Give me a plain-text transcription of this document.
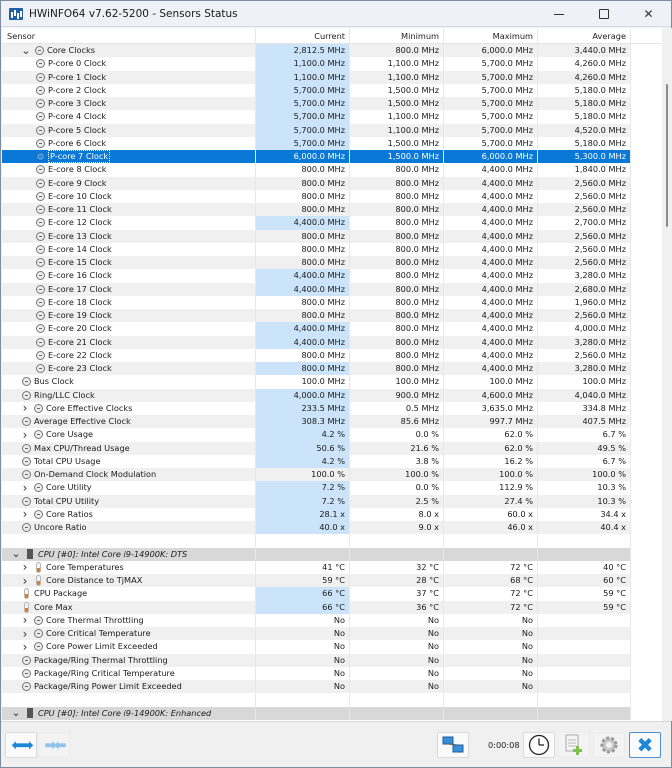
HWiNFO64 v7.62-5200 - Sensors Status	✕
Sensor	Current	Minimum	Maximum	Average
⌄ Core Clocks	2,812.5 MHz	800.0 MHz	6,000.0 MHz	3,440.0 MHz
P-core 0 Clock	1,100.0 MHz	1,100.0 MHz	5,700.0 MHz	4,260.0 MHz
P-core 1 Clock	1,100.0 MHz	1,100.0 MHz	5,700.0 MHz	4,260.0 MHz
P-core 2 Clock	5,700.0 MHz	1,500.0 MHz	5,700.0 MHz	5,180.0 MHz
P-core 3 Clock	5,700.0 MHz	1,500.0 MHz	5,700.0 MHz	5,180.0 MHz
P-core 4 Clock	5,700.0 MHz	1,100.0 MHz	5,700.0 MHz	5,180.0 MHz
P-core 5 Clock	5,700.0 MHz	1,100.0 MHz	5,700.0 MHz	4,520.0 MHz
P-core 6 Clock	5,700.0 MHz	1,500.0 MHz	5,700.0 MHz	5,180.0 MHz
P-core 7 Clock	6,000.0 MHz	1,500.0 MHz	6,000.0 MHz	5,300.0 MHz
E-core 8 Clock	800.0 MHz	800.0 MHz	4,400.0 MHz	1,840.0 MHz
E-core 9 Clock	800.0 MHz	800.0 MHz	4,400.0 MHz	2,560.0 MHz
E-core 10 Clock	800.0 MHz	800.0 MHz	4,400.0 MHz	2,560.0 MHz
E-core 11 Clock	800.0 MHz	800.0 MHz	4,400.0 MHz	2,560.0 MHz
E-core 12 Clock	4,400.0 MHz	800.0 MHz	4,400.0 MHz	2,700.0 MHz
E-core 13 Clock	800.0 MHz	800.0 MHz	4,400.0 MHz	2,560.0 MHz
E-core 14 Clock	800.0 MHz	800.0 MHz	4,400.0 MHz	2,560.0 MHz
E-core 15 Clock	800.0 MHz	800.0 MHz	4,400.0 MHz	2,560.0 MHz
E-core 16 Clock	4,400.0 MHz	800.0 MHz	4,400.0 MHz	3,280.0 MHz
E-core 17 Clock	4,400.0 MHz	800.0 MHz	4,400.0 MHz	2,680.0 MHz
E-core 18 Clock	800.0 MHz	800.0 MHz	4,400.0 MHz	1,960.0 MHz
E-core 19 Clock	800.0 MHz	800.0 MHz	4,400.0 MHz	2,560.0 MHz
E-core 20 Clock	4,400.0 MHz	800.0 MHz	4,400.0 MHz	4,000.0 MHz
E-core 21 Clock	4,400.0 MHz	800.0 MHz	4,400.0 MHz	3,280.0 MHz
E-core 22 Clock	800.0 MHz	800.0 MHz	4,400.0 MHz	2,560.0 MHz
E-core 23 Clock	800.0 MHz	800.0 MHz	4,400.0 MHz	3,280.0 MHz
Bus Clock	100.0 MHz	100.0 MHz	100.0 MHz	100.0 MHz
Ring/LLC Clock	4,000.0 MHz	900.0 MHz	4,600.0 MHz	4,040.0 MHz
›	Core Effective Clocks	233.5 MHz	0.5 MHz	3,635.0 MHz	334.8 MHz
Average Effective Clock	308.3 MHz	85.6 MHz	997.7 MHz	407.5 MHz
›	Core Usage	4.2 %	0.0 %	62.0 %	6.7 %
Max CPU/Thread Usage	50.6 %	21.6 %	62.0 %	49.5 %
Total CPU Usage	4.2 %	3.8 %	16.2 %	6.7 %
On-Demand Clock Modulation	100.0 %	100.0 %	100.0 %	100.0 %
›	Core Utility	7.2 %	0.0 %	112.9 %	10.3 %
Total CPU Utility	7.2 %	2.5 %	27.4 %	10.3 %
›	Core Ratios	28.1 x	8.0 x	60.0 x	34.4 x
Uncore Ratio	40.0 x	9.0 x	46.0 x	40.4 x
⌄ CPU [#0]: Intel Core i9-14900K: DTS
›	Core Temperatures	41 °C	32 °C	72 °C	40 °C
›	Core Distance to TjMAX	59 °C	28 °C	68 °C	60 °C
CPU Package	66 °C	37 °C	72 °C	59 °C
Core Max	66 °C	36 °C	72 °C	59 °C
›	Core Thermal Throttling	No	No	No
›	Core Critical Temperature	No	No	No
›	Core Power Limit Exceeded	No	No	No
Package/Ring Thermal Throttling	No	No	No
Package/Ring Critical Temperature	No	No	No
Package/Ring Power Limit Exceeded	No	No	No
⌄ CPU [#0]: Intel Core i9-14900K: Enhanced
⬅➡ ➡⬅	0:00:08	✖
